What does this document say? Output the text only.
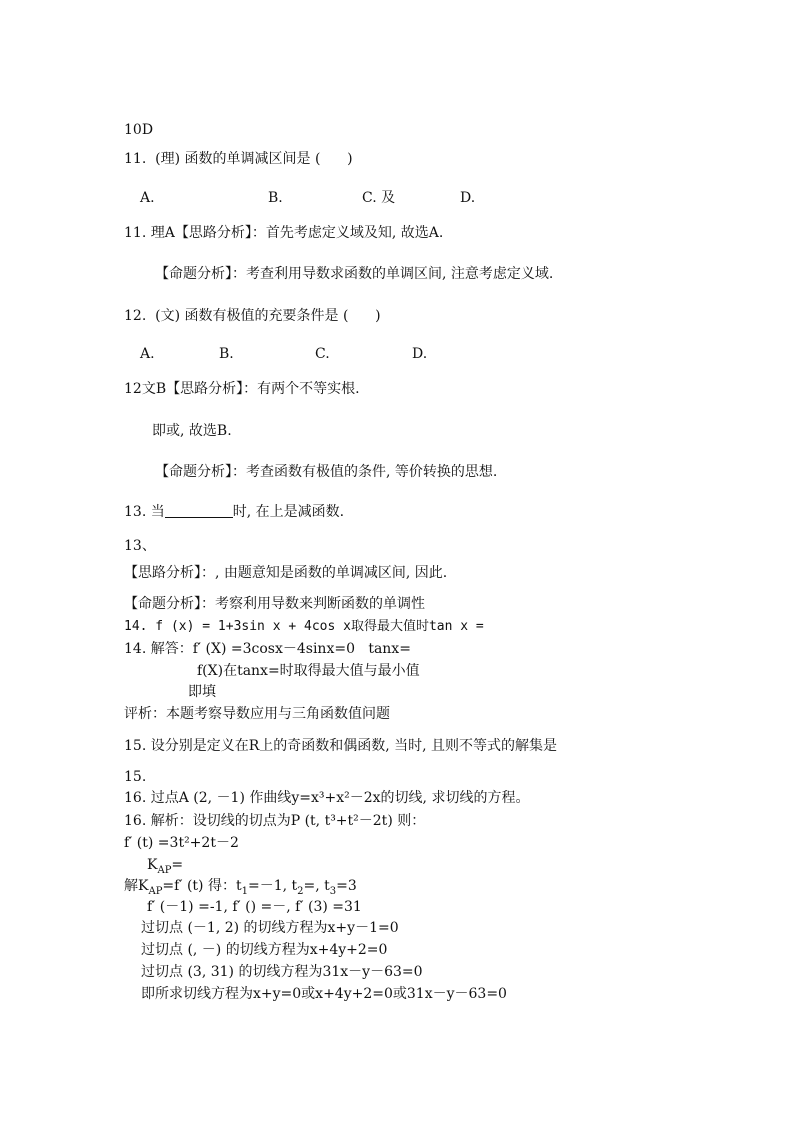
10D
11.  (理) 函数的单调减区间是 (      )
A.	B.	C. 及	D.
11. 理A【思路分析】：首先考虑定义域及知, 故选A.
【命题分析】：考查利用导数求函数的单调区间, 注意考虑定义域.
12.  (文) 函数有极值的充要条件是 (      )
A.	B.	C.	D.
12文B【思路分析】：有两个不等实根.
即或, 故选B.
【命题分析】：考查函数有极值的条件, 等价转换的思想.
13. 当	时, 在上是减函数.
13、
【思路分析】：, 由题意知是函数的单调减区间, 因此.
【命题分析】：考察利用导数来判断函数的单调性
14. f (x) = 1+3sin x + 4cos x取得最大值时tan x =
14. 解答：f′ (X) =3cosx－4sinx=0   tanx=
f(X)在tanx=时取得最大值与最小值
即填
评析：本题考察导数应用与三角函数值问题
15. 设分别是定义在R上的奇函数和偶函数, 当时, 且则不等式的解集是
15.
16. 过点A (2, －1) 作曲线y=x³+x²－2x的切线, 求切线的方程。
16. 解析：设切线的切点为P (t, t³+t²－2t) 则：
f′ (t) =3t²+2t－2
$K_{AP}=$
解$K_{AP}=f'$ (t) 得：$t_1=-1$, $t_2=$, $t_3=3$
f′ (－1) =-1, f′ () =－, f′ (3) =31
过切点 (－1, 2) 的切线方程为x+y－1=0
过切点 (, －) 的切线方程为x+4y+2=0
过切点 (3, 31) 的切线方程为31x－y－63=0
即所求切线方程为x+y=0或x+4y+2=0或31x－y－63=0
